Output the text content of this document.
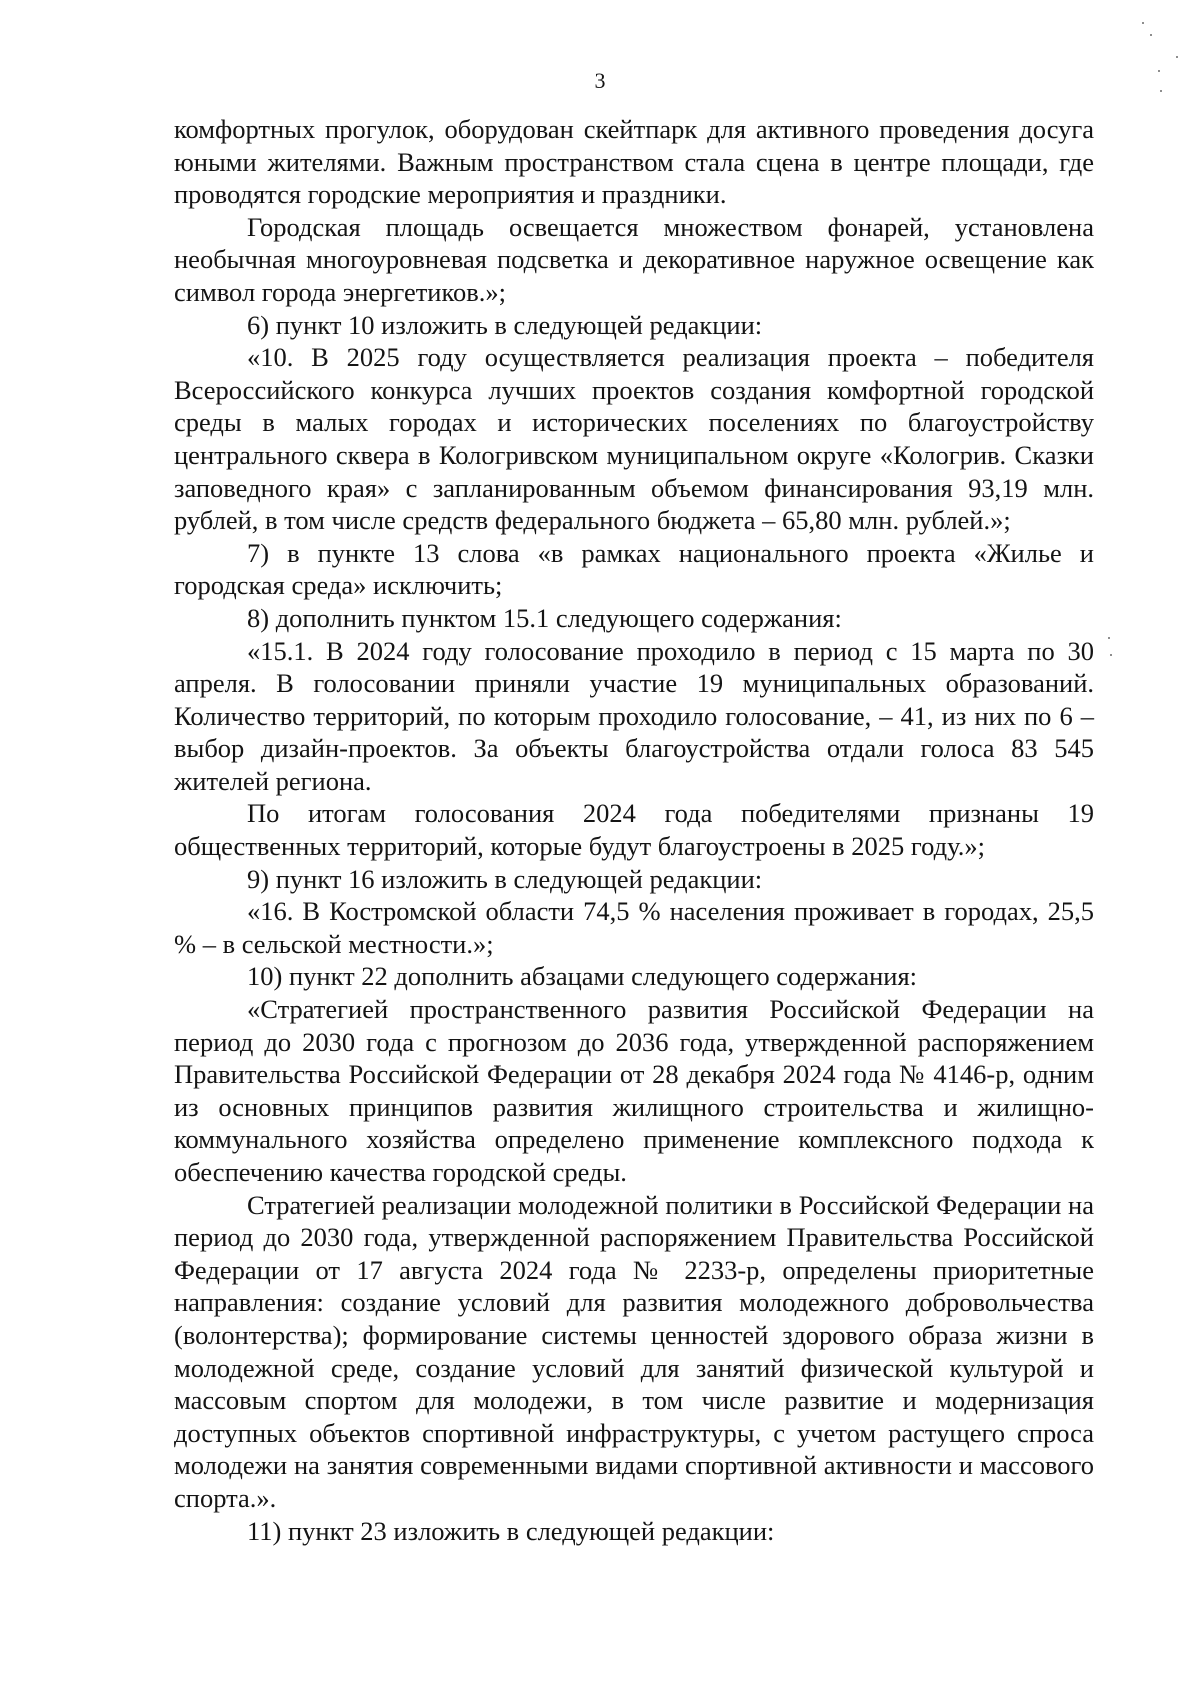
3

комфортных прогулок, оборудован скейтпарк для активного проведения досуга юными жителями. Важным пространством стала сцена в центре площади, где проводятся городские мероприятия и праздники.

Городская площадь освещается множеством фонарей, установлена необычная многоуровневая подсветка и декоративное наружное освещение как символ города энергетиков.»;

6) пункт 10 изложить в следующей редакции:

«10. В 2025 году осуществляется реализация проекта – победителя Всероссийского конкурса лучших проектов создания комфортной городской среды в малых городах и исторических поселениях по благоустройству центрального сквера в Кологривском муниципальном округе «Кологрив. Сказки заповедного края» с запланированным объемом финансирования 93,19 млн. рублей, в том числе средств федерального бюджета – 65,80 млн. рублей.»;

7) в пункте 13 слова «в рамках национального проекта «Жилье и городская среда» исключить;

8) дополнить пунктом 15.1 следующего содержания:

«15.1. В 2024 году голосование проходило в период с 15 марта по 30 апреля. В голосовании приняли участие 19 муниципальных образований. Количество территорий, по которым проходило голосование, – 41, из них по 6 – выбор дизайн-проектов. За объекты благоустройства отдали голоса 83 545 жителей региона.

По итогам голосования 2024 года победителями признаны 19 общественных территорий, которые будут благоустроены в 2025 году.»;

9) пункт 16 изложить в следующей редакции:

«16. В Костромской области 74,5 % населения проживает в городах, 25,5 % – в сельской местности.»;

10) пункт 22 дополнить абзацами следующего содержания:

«Стратегией пространственного развития Российской Федерации на период до 2030 года с прогнозом до 2036 года, утвержденной распоряжением Правительства Российской Федерации от 28 декабря 2024 года № 4146-р, одним из основных принципов развития жилищного строительства и жилищно-коммунального хозяйства определено применение комплексного подхода к обеспечению качества городской среды.

Стратегией реализации молодежной политики в Российской Федерации на период до 2030 года, утвержденной распоряжением Правительства Российской Федерации от 17 августа 2024 года № 2233-р, определены приоритетные направления: создание условий для развития молодежного добровольчества (волонтерства); формирование системы ценностей здорового образа жизни в молодежной среде, создание условий для занятий физической культурой и массовым спортом для молодежи, в том числе развитие и модернизация доступных объектов спортивной инфраструктуры, с учетом растущего спроса молодежи на занятия современными видами спортивной активности и массового спорта.».

11) пункт 23 изложить в следующей редакции:
